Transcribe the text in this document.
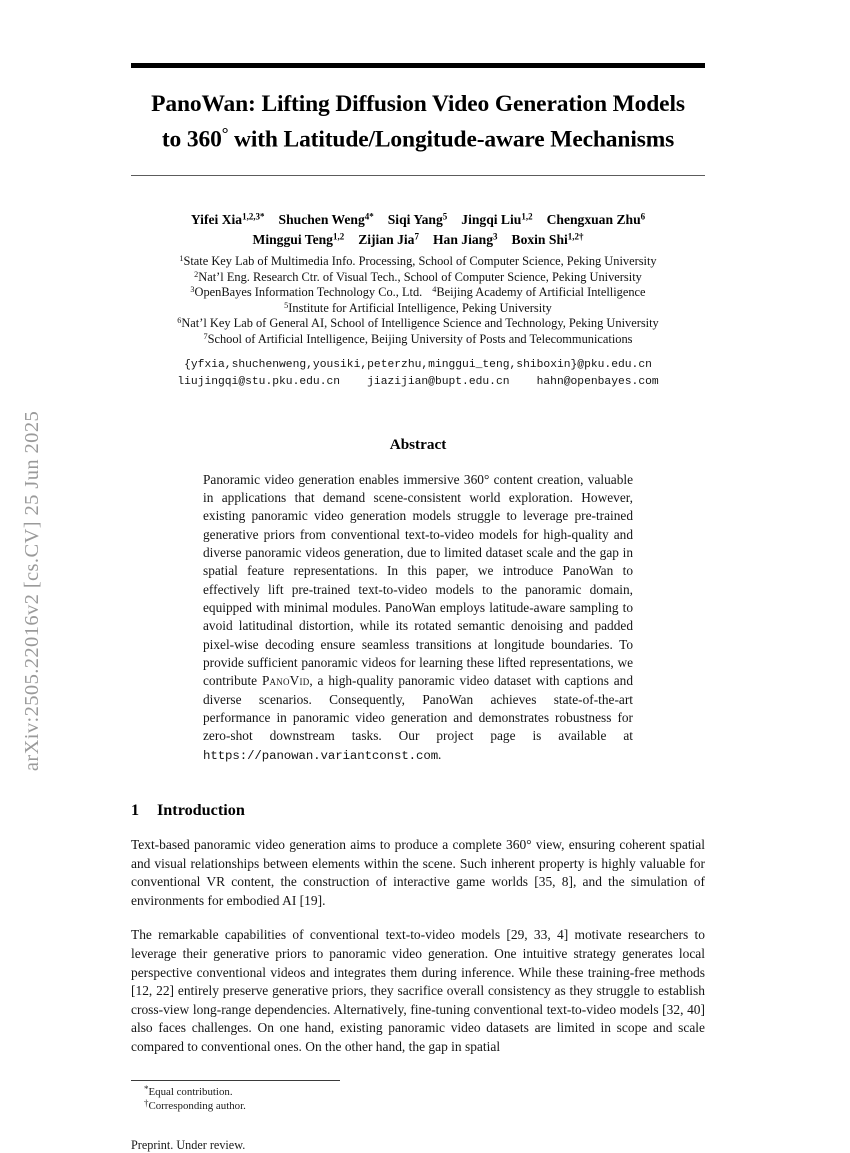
arXiv:2505.22016v2 [cs.CV] 25 Jun 2025
PanoWan: Lifting Diffusion Video Generation Models
to 360° with Latitude/Longitude-aware Mechanisms
Yifei Xia$^{1,2,3*}$ Shuchen Weng$^{4*}$ Siqi Yang$^5$ Jingqi Liu$^{1,2}$ Chengxuan Zhu$^6$
Minggui Teng$^{1,2}$ Zijian Jia$^7$ Han Jiang$^3$ Boxin Shi$^{1,2\dagger}$
$^1$State Key Lab of Multimedia Info. Processing, School of Computer Science, Peking University
$^2$Nat’l Eng. Research Ctr. of Visual Tech., School of Computer Science, Peking University
$^3$OpenBayes Information Technology Co., Ltd. $^4$Beijing Academy of Artificial Intelligence
$^5$Institute for Artificial Intelligence, Peking University
$^6$Nat’l Key Lab of General AI, School of Intelligence Science and Technology, Peking University
$^7$School of Artificial Intelligence, Beijing University of Posts and Telecommunications
{yfxia,shuchenweng,yousiki,peterzhu,minggui_teng,shiboxin}@pku.edu.cn
liujingqi@stu.pku.edu.cn    jiazijian@bupt.edu.cn    hahn@openbayes.com
Abstract
Panoramic video generation enables immersive 360° content creation, valuable in applications that demand scene-consistent world exploration. However, existing panoramic video generation models struggle to leverage pre-trained generative priors from conventional text-to-video models for high-quality and diverse panoramic videos generation, due to limited dataset scale and the gap in spatial feature representations. In this paper, we introduce PanoWan to effectively lift pre-trained text-to-video models to the panoramic domain, equipped with minimal modules. PanoWan employs latitude-aware sampling to avoid latitudinal distortion, while its rotated semantic denoising and padded pixel-wise decoding ensure seamless transitions at longitude boundaries. To provide sufficient panoramic videos for learning these lifted representations, we contribute PanoVid, a high-quality panoramic video dataset with captions and diverse scenarios. Consequently, PanoWan achieves state-of-the-art performance in panoramic video generation and demonstrates robustness for zero-shot downstream tasks. Our project page is available at https://panowan.variantconst.com.
1 Introduction
Text-based panoramic video generation aims to produce a complete 360° view, ensuring coherent spatial and visual relationships between elements within the scene. Such inherent property is highly valuable for conventional VR content, the construction of interactive game worlds [35, 8], and the simulation of environments for embodied AI [19].
The remarkable capabilities of conventional text-to-video models [29, 33, 4] motivate researchers to leverage their generative priors to panoramic video generation. One intuitive strategy generates local perspective conventional videos and integrates them during inference. While these training-free methods [12, 22] entirely preserve generative priors, they sacrifice overall consistency as they struggle to establish cross-view long-range dependencies. Alternatively, fine-tuning conventional text-to-video models [32, 40] also faces challenges. On one hand, existing panoramic video datasets are limited in scope and scale compared to conventional ones. On the other hand, the gap in spatial
*Equal contribution.
†Corresponding author.
Preprint. Under review.
